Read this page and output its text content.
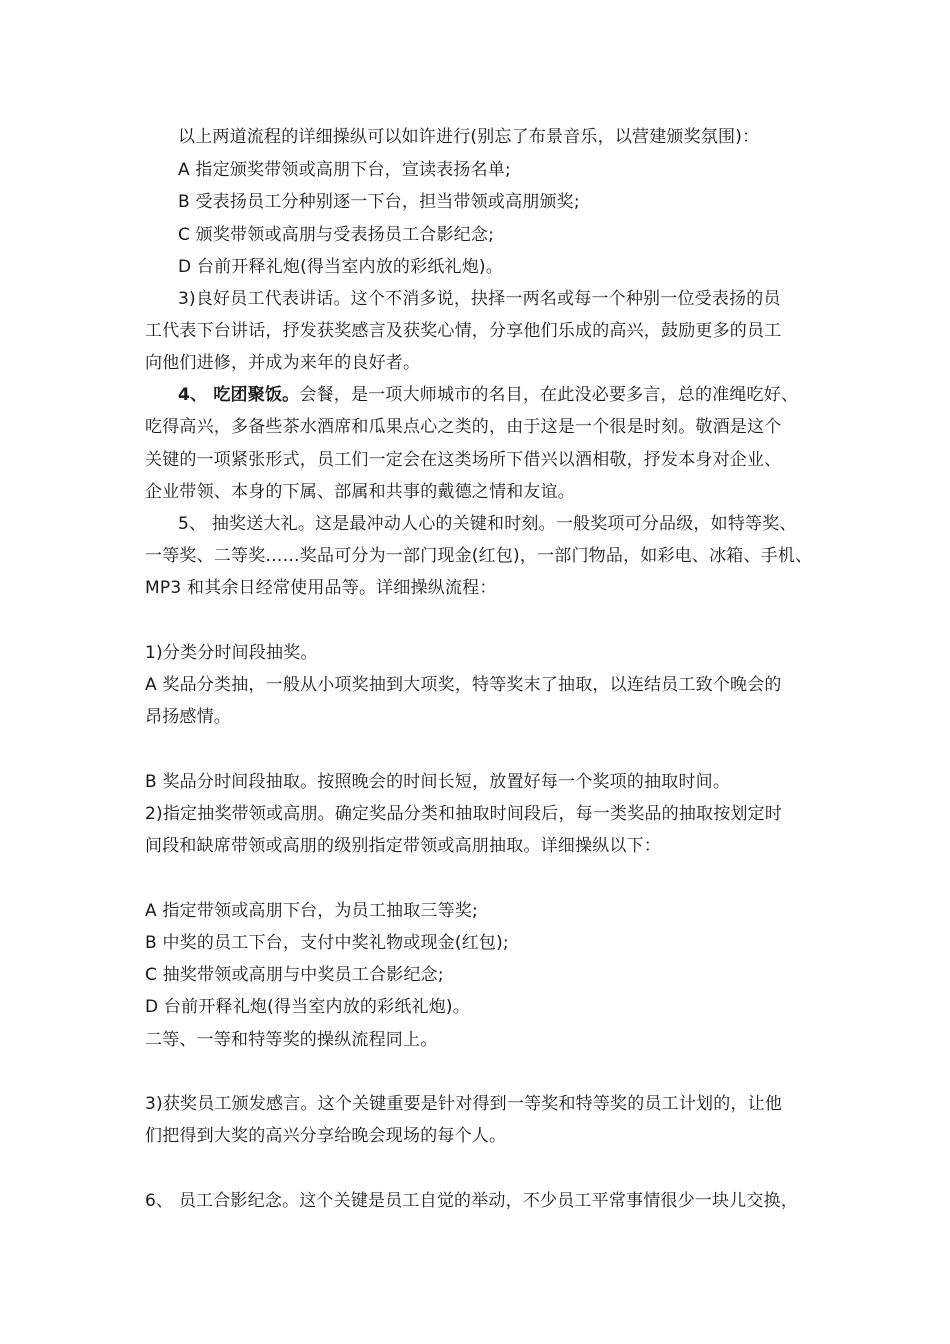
以上两道流程的详细操纵可以如许进行(别忘了布景音乐，以营建颁奖氛围)：
A 指定颁奖带领或高朋下台，宣读表扬名单;
B 受表扬员工分种别逐一下台，担当带领或高朋颁奖;
C 颁奖带领或高朋与受表扬员工合影纪念;
D 台前开释礼炮(得当室内放的彩纸礼炮)。
3)良好员工代表讲话。这个不消多说，抉择一两名或每一个种别一位受表扬的员
工代表下台讲话，抒发获奖感言及获奖心情，分享他们乐成的高兴，鼓励更多的员工
向他们进修，并成为来年的良好者。
4、 吃团聚饭。会餐，是一项大师城市的名目，在此没必要多言，总的准绳吃好、
吃得高兴，多备些茶水酒席和瓜果点心之类的，由于这是一个很是时刻。敬酒是这个
关键的一项紧张形式，员工们一定会在这类场所下借兴以酒相敬，抒发本身对企业、
企业带领、本身的下属、部属和共事的戴德之情和友谊。
5、 抽奖送大礼。这是最冲动人心的关键和时刻。一般奖项可分品级，如特等奖、
一等奖、二等奖……奖品可分为一部门现金(红包)，一部门物品，如彩电、冰箱、手机、
MP3 和其余日经常使用品等。详细操纵流程：
1)分类分时间段抽奖。
A 奖品分类抽，一般从小项奖抽到大项奖，特等奖末了抽取，以连结员工致个晚会的
昂扬感情。
B 奖品分时间段抽取。按照晚会的时间长短，放置好每一个奖项的抽取时间。
2)指定抽奖带领或高朋。确定奖品分类和抽取时间段后，每一类奖品的抽取按划定时
间段和缺席带领或高朋的级别指定带领或高朋抽取。详细操纵以下：
A 指定带领或高朋下台，为员工抽取三等奖;
B 中奖的员工下台，支付中奖礼物或现金(红包);
C 抽奖带领或高朋与中奖员工合影纪念;
D 台前开释礼炮(得当室内放的彩纸礼炮)。
二等、一等和特等奖的操纵流程同上。
3)获奖员工颁发感言。这个关键重要是针对得到一等奖和特等奖的员工计划的，让他
们把得到大奖的高兴分享给晚会现场的每个人。
6、 员工合影纪念。这个关键是员工自觉的举动，不少员工平常事情很少一块儿交换，
